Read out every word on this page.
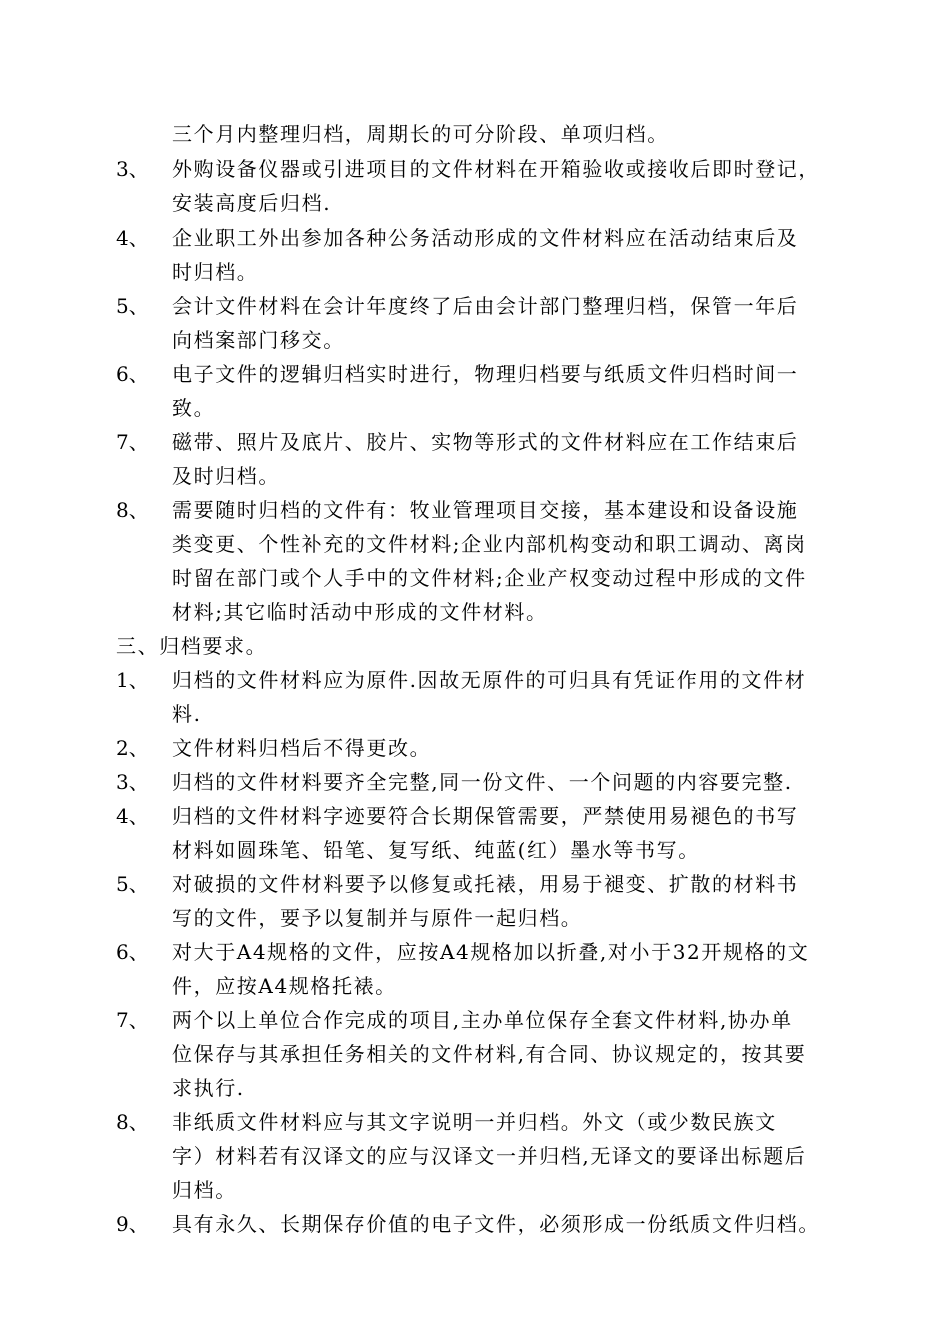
三个月内整理归档，周期长的可分阶段、单项归档。
3、 外购设备仪器或引进项目的文件材料在开箱验收或接收后即时登记，
安装高度后归档.
4、 企业职工外出参加各种公务活动形成的文件材料应在活动结束后及
时归档。
5、 会计文件材料在会计年度终了后由会计部门整理归档，保管一年后
向档案部门移交。
6、 电子文件的逻辑归档实时进行，物理归档要与纸质文件归档时间一
致。
7、 磁带、照片及底片、胶片、实物等形式的文件材料应在工作结束后
及时归档。
8、 需要随时归档的文件有：牧业管理项目交接，基本建设和设备设施
类变更、个性补充的文件材料;企业内部机构变动和职工调动、离岗
时留在部门或个人手中的文件材料;企业产权变动过程中形成的文件
材料;其它临时活动中形成的文件材料。
三、归档要求。
1、 归档的文件材料应为原件.因故无原件的可归具有凭证作用的文件材
料.
2、 文件材料归档后不得更改。
3、 归档的文件材料要齐全完整,同一份文件、一个问题的内容要完整.
4、 归档的文件材料字迹要符合长期保管需要，严禁使用易褪色的书写
材料如圆珠笔、铅笔、复写纸、纯蓝(红）墨水等书写。
5、 对破损的文件材料要予以修复或托裱，用易于褪变、扩散的材料书
写的文件，要予以复制并与原件一起归档。
6、 对大于A4规格的文件，应按A4规格加以折叠,对小于32开规格的文
件，应按A4规格托裱。
7、 两个以上单位合作完成的项目,主办单位保存全套文件材料,协办单
位保存与其承担任务相关的文件材料,有合同、协议规定的，按其要
求执行.
8、 非纸质文件材料应与其文字说明一并归档。外文（或少数民族文
字）材料若有汉译文的应与汉译文一并归档,无译文的要译出标题后
归档。
9、 具有永久、长期保存价值的电子文件，必须形成一份纸质文件归档。
